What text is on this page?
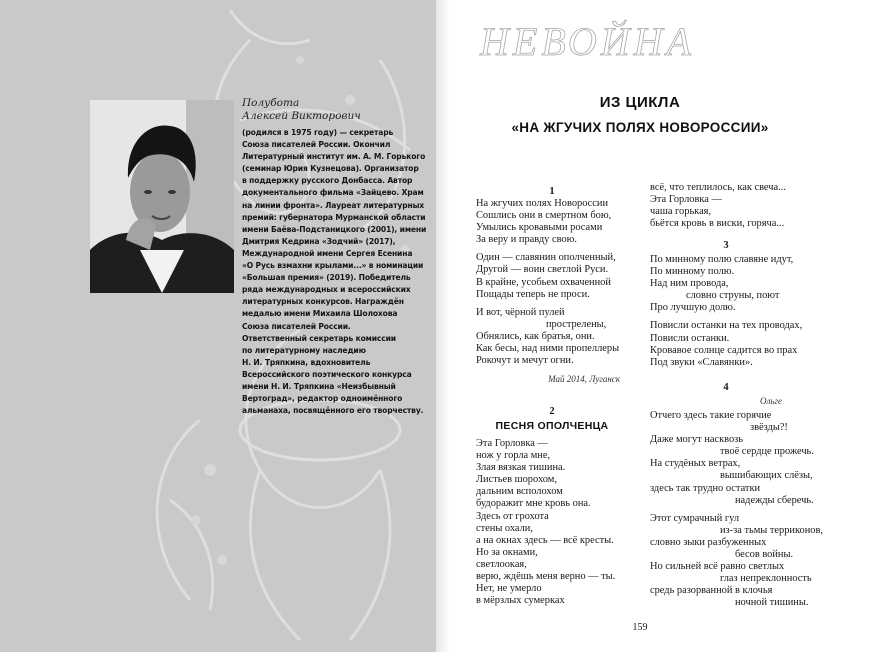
Полубота
Алексей Викторович
(родился в 1975 году) — секретарь
Союза писателей России. Окончил
Литературный институт им. А. М. Горького
(семинар Юрия Кузнецова). Организатор
в поддержку русского Донбасса. Автор
документального фильма «Зайцево. Храм
на линии фронта». Лауреат литературных
премий: губернатора Мурманской области
имени Баёва-Подстаницкого (2001), имени
Дмитрия Кедрина «Зодчий» (2017),
Международной имени Сергея Есенина
«О Русь взмахни крылами...» в номинации
«Большая премия» (2019). Победитель
ряда международных и всероссийских
литературных конкурсов. Награждён
медалью имени Михаила Шолохова
Союза писателей России.
Ответственный секретарь комиссии
по литературному наследию
Н. И. Тряпкина, вдохновитель
Всероссийского поэтического конкурса
имени Н. И. Тряпкина «Неизбывный
Вертоград», редактор одноимённого
альманаха, посвящённого его творчеству.
НЕВОЙНА
ИЗ ЦИКЛА
«НА ЖГУЧИХ ПОЛЯХ НОВОРОССИИ»
1
На жгучих полях Новороссии
Сошлись они в смертном бою,
Умылись кровавыми росами
За веру и правду свою.
Один — славянин ополченный,
Другой — воин светлой Руси.
В крайне, усобьем охваченной
Пощады теперь не проси.
И вот, чёрной пулей
прострелены,
Обнялись, как братья, они.
Как бесы, над ними пропеллеры
Рокочут и мечут огни.
Май 2014, Луганск
2
ПЕСНЯ ОПОЛЧЕНЦА
Эта Горловка —
нож у горла мне,
Злая вязкая тишина.
Листьев шорохом,
дальним всполохом
будоражит мне кровь она.
Здесь от грохота
стены охали,
а на окнах здесь — всё кресты.
Но за окнами,
светлоокая,
верю, ждёшь меня верно — ты.
Нет, не умерло
в мёрзлых сумерках
всё, что теплилось, как свеча...
Эта Горловка —
чаша горькая,
бьётся кровь в виски, горяча...
3
По минному полю славяне идут,
По минному полю.
Над ним провода,
словно струны, поют
Про лучшую долю.
Повисли останки на тех проводах,
Повисли останки.
Кровавое солнце садится во прах
Под звуки «Славянки».
4
Ольге
Отчего здесь такие горячие
звёзды?!
Даже могут насквозь
твоё сердце прожечь.
На студёных ветрах,
вышибающих слёзы,
здесь так трудно остатки
надежды сберечь.
Этот сумрачный гул
из-за тьмы терриконов,
словно зыки разбуженных
бесов войны.
Но сильней всё равно светлых
глаз непреклонность
средь разорванной в клочья
ночной тишины.
159
